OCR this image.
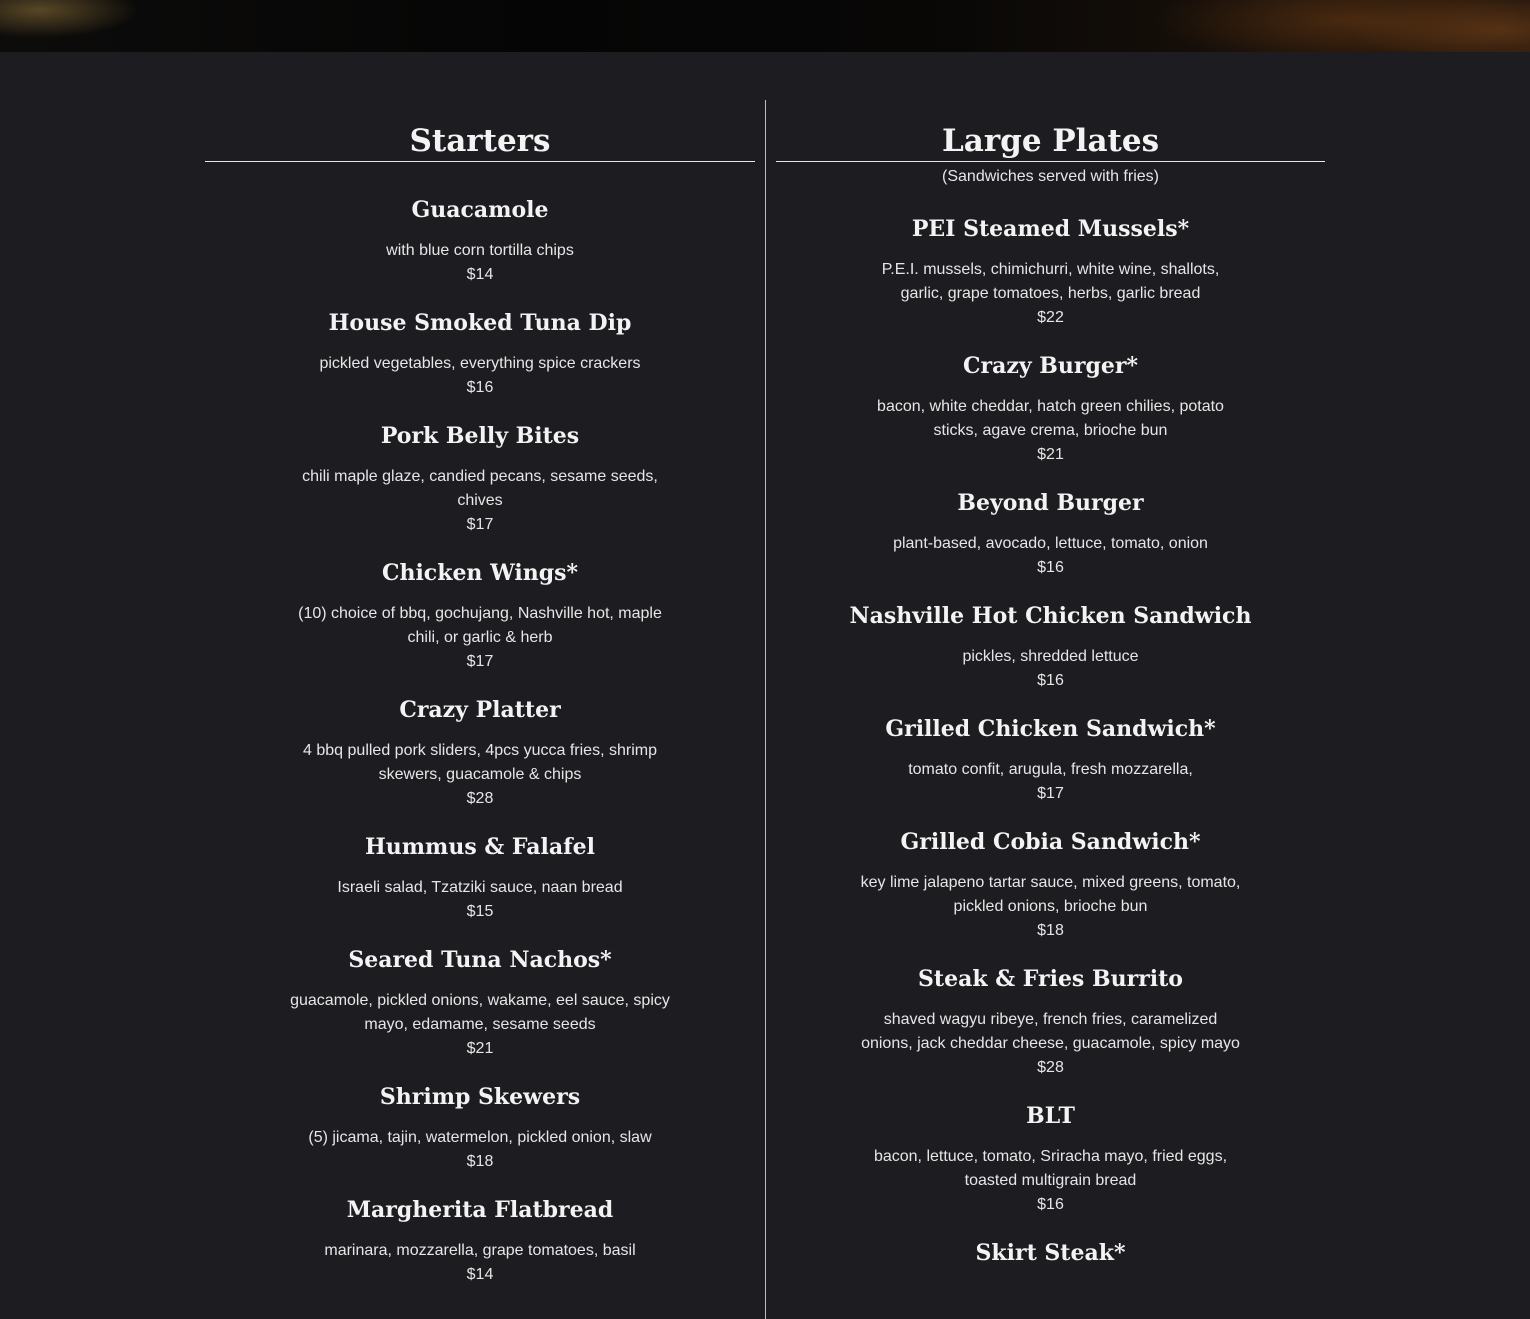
Starters
Guacamole
with blue corn tortilla chips
$14
House Smoked Tuna Dip
pickled vegetables, everything spice crackers
$16
Pork Belly Bites
chili maple glaze, candied pecans, sesame seeds, chives
$17
Chicken Wings*
(10) choice of bbq, gochujang, Nashville hot, maple chili, or garlic & herb
$17
Crazy Platter
4 bbq pulled pork sliders, 4pcs yucca fries, shrimp skewers, guacamole & chips
$28
Hummus & Falafel
Israeli salad, Tzatziki sauce, naan bread
$15
Seared Tuna Nachos*
guacamole, pickled onions, wakame, eel sauce, spicy mayo, edamame, sesame seeds
$21
Shrimp Skewers
(5) jicama, tajin, watermelon, pickled onion, slaw
$18
Margherita Flatbread
marinara, mozzarella, grape tomatoes, basil
$14
Large Plates
(Sandwiches served with fries)
PEI Steamed Mussels*
P.E.I. mussels, chimichurri, white wine, shallots, garlic, grape tomatoes, herbs, garlic bread
$22
Crazy Burger*
bacon, white cheddar, hatch green chilies, potato sticks, agave crema, brioche bun
$21
Beyond Burger
plant-based, avocado, lettuce, tomato, onion
$16
Nashville Hot Chicken Sandwich
pickles, shredded lettuce
$16
Grilled Chicken Sandwich*
tomato confit, arugula, fresh mozzarella,
$17
Grilled Cobia Sandwich*
key lime jalapeno tartar sauce, mixed greens, tomato, pickled onions, brioche bun
$18
Steak & Fries Burrito
shaved wagyu ribeye, french fries, caramelized onions, jack cheddar cheese, guacamole, spicy mayo
$28
BLT
bacon, lettuce, tomato, Sriracha mayo, fried eggs, toasted multigrain bread
$16
Skirt Steak*
